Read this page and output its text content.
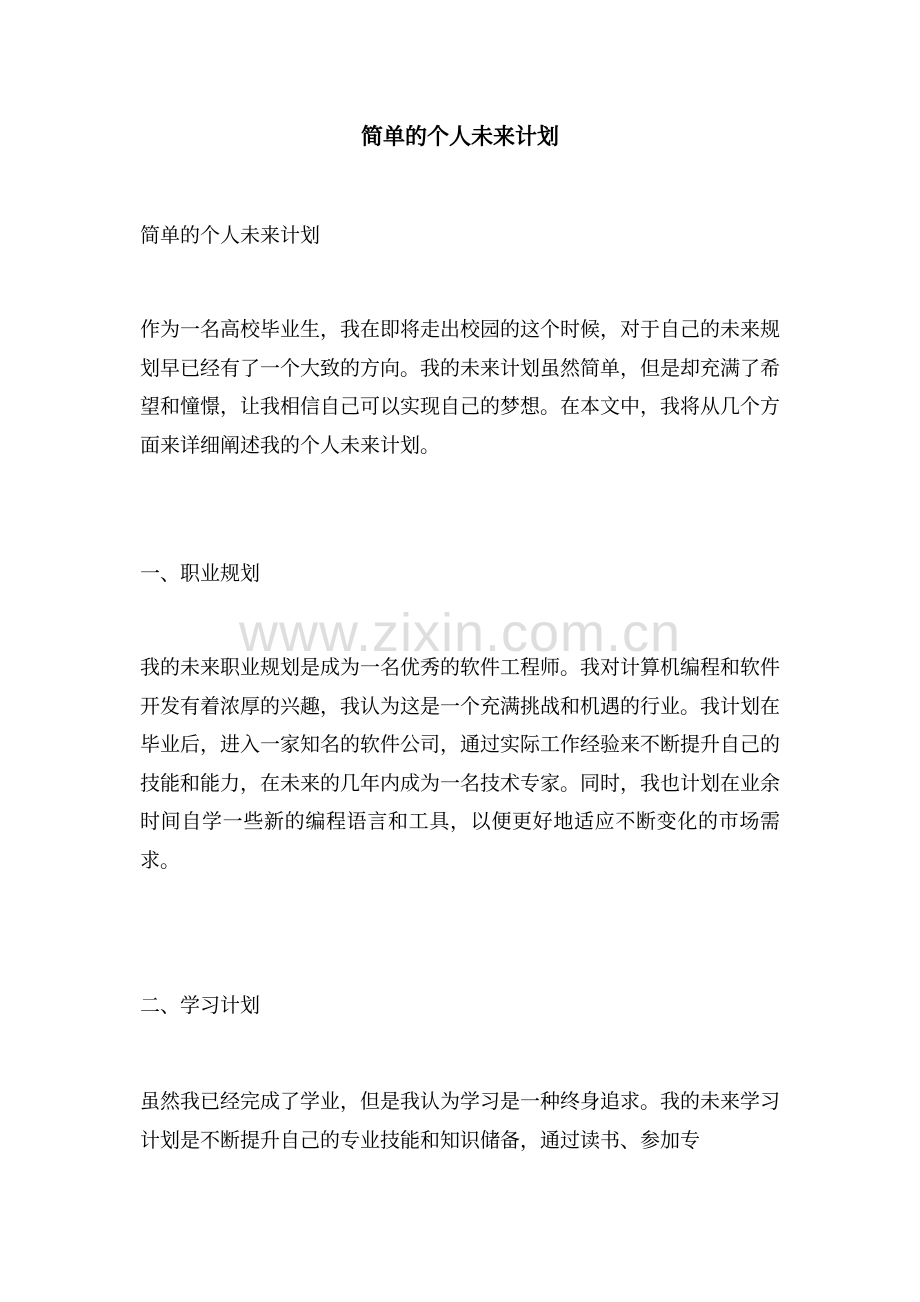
www.zixin.com.cn
简单的个人未来计划
简单的个人未来计划

作为一名高校毕业生，我在即将走出校园的这个时候，对于自己的未来规划早已经有了一个大致的方向。我的未来计划虽然简单，但是却充满了希望和憧憬，让我相信自己可以实现自己的梦想。在本文中，我将从几个方面来详细阐述我的个人未来计划。

一、职业规划

我的未来职业规划是成为一名优秀的软件工程师。我对计算机编程和软件开发有着浓厚的兴趣，我认为这是一个充满挑战和机遇的行业。我计划在毕业后，进入一家知名的软件公司，通过实际工作经验来不断提升自己的技能和能力，在未来的几年内成为一名技术专家。同时，我也计划在业余时间自学一些新的编程语言和工具，以便更好地适应不断变化的市场需求。

二、学习计划

虽然我已经完成了学业，但是我认为学习是一种终身追求。我的未来学习计划是不断提升自己的专业技能和知识储备，通过读书、参加专
